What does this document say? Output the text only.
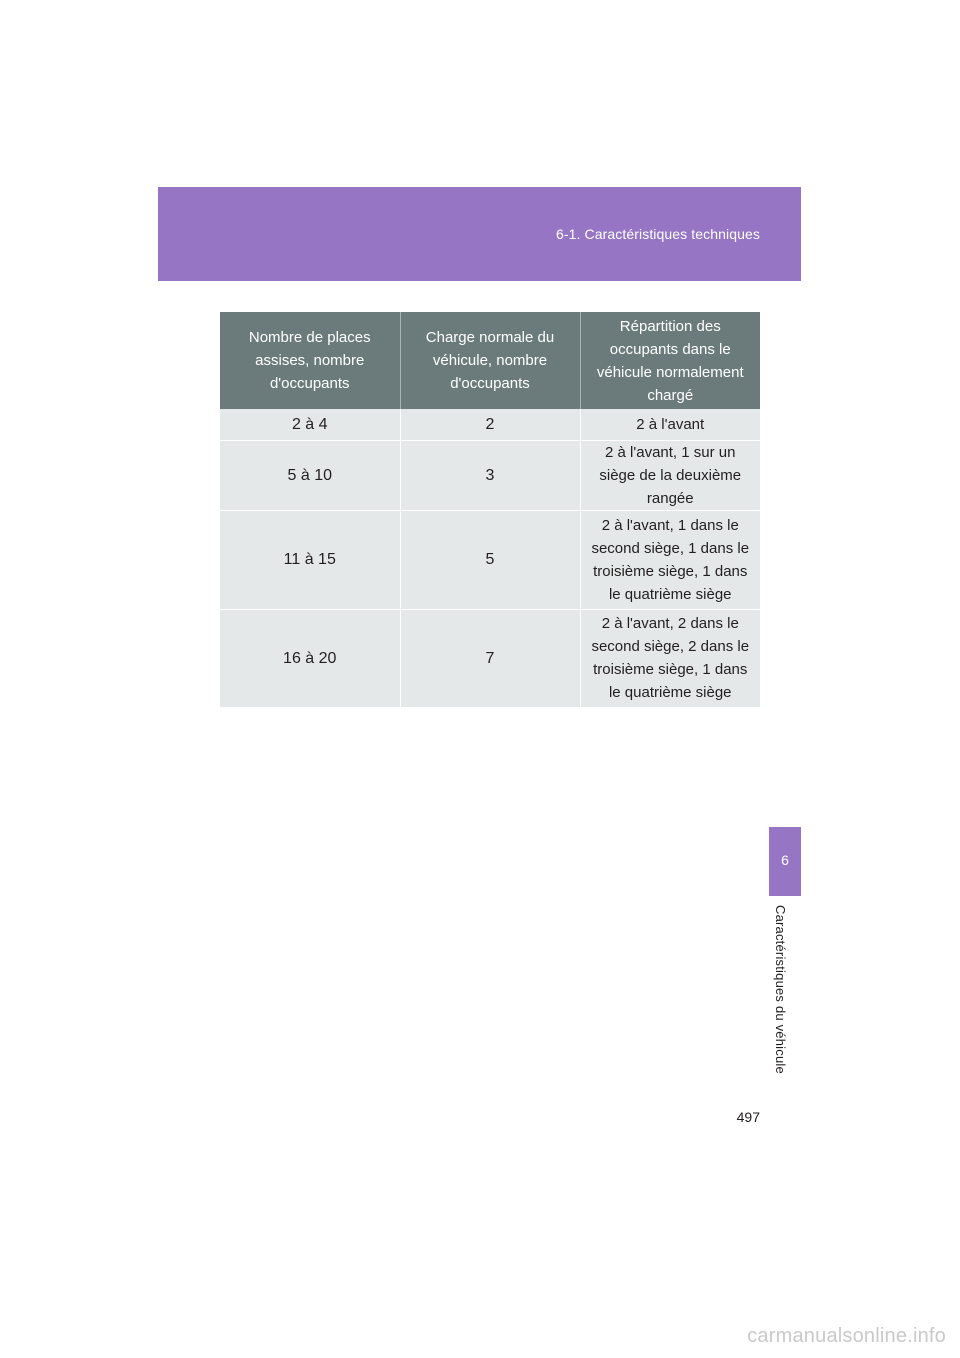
6-1. Caractéristiques techniques
Nombre de places assises, nombre d'occupants	Charge normale du véhicule, nombre d'occupants	Répartition des occupants dans le véhicule normalement chargé
2 à 4	2	2 à l'avant
5 à 10	3	2 à l'avant, 1 sur un siège de la deuxième rangée
11 à 15	5	2 à l'avant, 1 dans le second siège, 1 dans le troisième siège, 1 dans le quatrième siège
16 à 20	7	2 à l'avant, 2 dans le second siège, 2 dans le troisième siège, 1 dans le quatrième siège
6
Caractéristiques du véhicule
497
carmanualsonline.info
